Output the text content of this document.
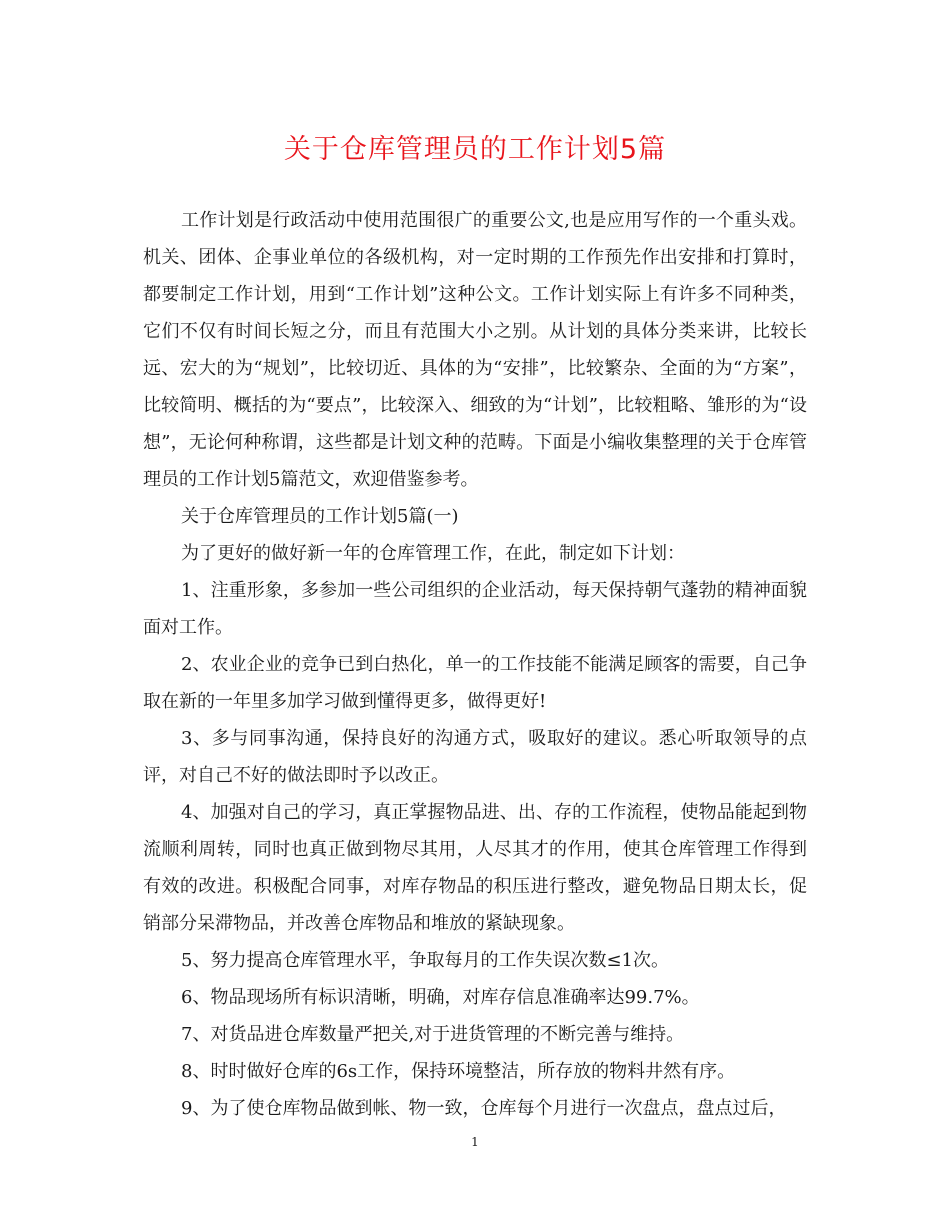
关于仓库管理员的工作计划5篇

工作计划是行政活动中使用范围很广的重要公文,也是应用写作的一个重头戏。机关、团体、企事业单位的各级机构，对一定时期的工作预先作出安排和打算时，都要制定工作计划，用到“工作计划”这种公文。工作计划实际上有许多不同种类，它们不仅有时间长短之分，而且有范围大小之别。从计划的具体分类来讲，比较长远、宏大的为“规划”，比较切近、具体的为“安排”，比较繁杂、全面的为“方案”，比较简明、概括的为“要点”，比较深入、细致的为“计划”，比较粗略、雏形的为“设想”，无论何种称谓，这些都是计划文种的范畴。下面是小编收集整理的关于仓库管理员的工作计划5篇范文，欢迎借鉴参考。

关于仓库管理员的工作计划5篇(一)

为了更好的做好新一年的仓库管理工作，在此，制定如下计划：

1、注重形象，多参加一些公司组织的企业活动，每天保持朝气蓬勃的精神面貌面对工作。

2、农业企业的竞争已到白热化，单一的工作技能不能满足顾客的需要，自己争取在新的一年里多加学习做到懂得更多，做得更好!

3、多与同事沟通，保持良好的沟通方式，吸取好的建议。悉心听取领导的点评，对自己不好的做法即时予以改正。

4、加强对自己的学习，真正掌握物品进、出、存的工作流程，使物品能起到物流顺利周转，同时也真正做到物尽其用，人尽其才的作用，使其仓库管理工作得到有效的改进。积极配合同事，对库存物品的积压进行整改，避免物品日期太长，促销部分呆滞物品，并改善仓库物品和堆放的紧缺现象。

5、努力提高仓库管理水平，争取每月的工作失误次数≤1次。

6、物品现场所有标识清晰，明确，对库存信息准确率达99.7%。

7、对货品进仓库数量严把关,对于进货管理的不断完善与维持。

8、时时做好仓库的6s工作，保持环境整洁，所存放的物料井然有序。

9、为了使仓库物品做到帐、物一致，仓库每个月进行一次盘点，盘点过后，

1
